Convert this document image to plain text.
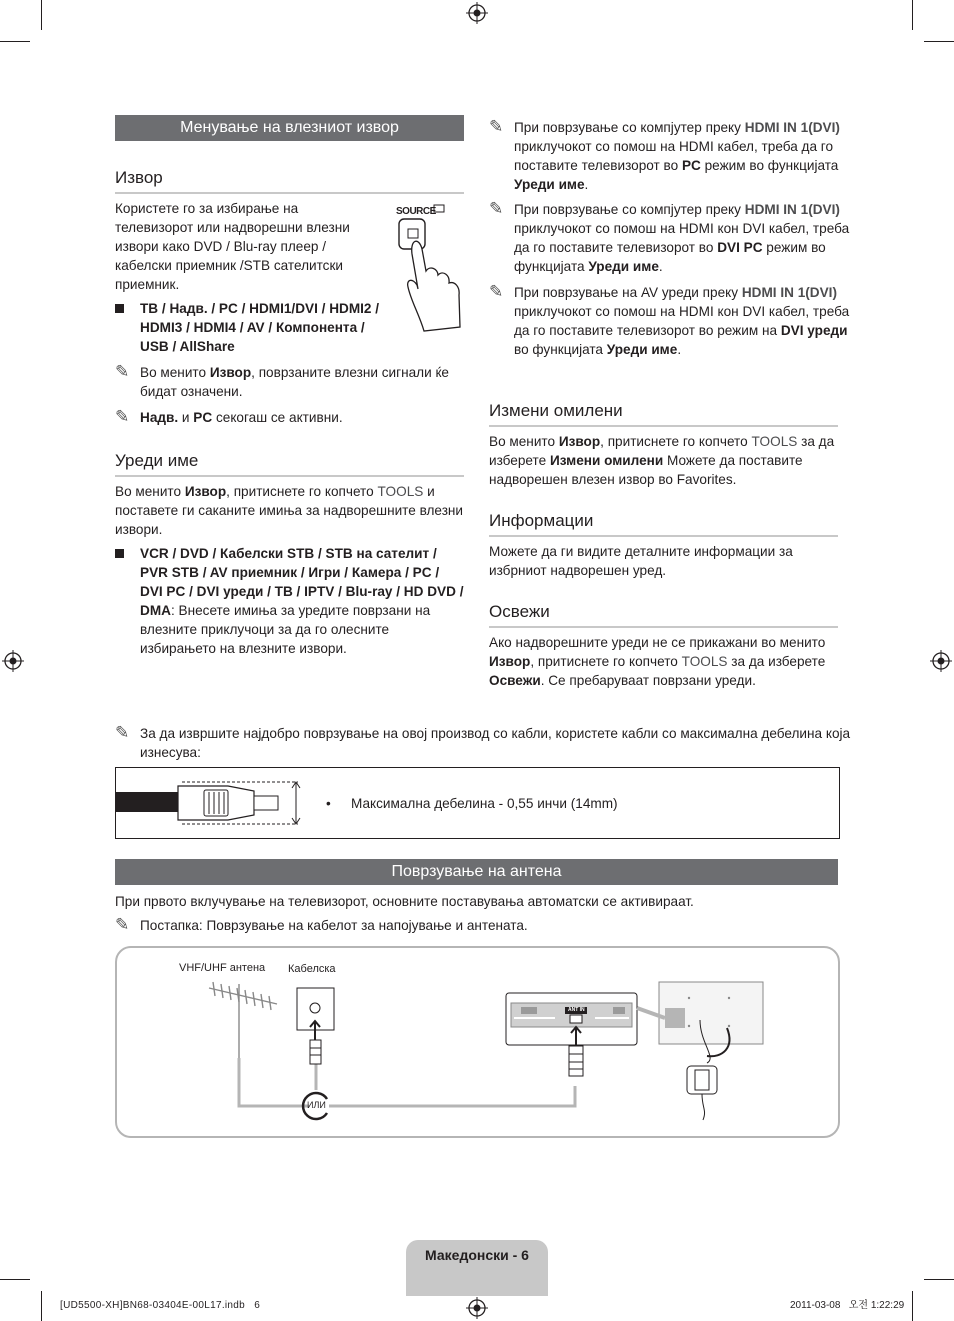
Менување на влезниот извор
Извор

Користете го за избирање на телевизорот или надворешни влезни извори како DVD / Blu-ray плеер / кабелски приемник /STB сателитски приемник.

SOURCE
ТВ / Надв. / PC / HDMI1/DVI / HDMI2 / HDMI3 / HDMI4 / AV / Компонента / USB / AllShare
✎ Во менито Извор, поврзаните влезни сигнали ќе бидат означени.
✎ Надв. и PC секогаш се активни.
Уреди име

Во менито Извор, притиснете го копчето TOOLS и поставете ги саканите имиња за надворешните влезни извори.

VCR / DVD / Кабелски STB / STB на сателит / PVR STB / AV приемник / Игри / Камера / PC / DVI PC / DVI уреди / ТВ / IPTV / Blu-ray / HD DVD / DMA: Внесете имиња за уредите поврзани на влезните приклучоци за да го олесните избирањето на влезните извори.
✎ При поврзување со компјутер преку HDMI IN 1(DVI) приклучокот со помош на HDMI кабел, треба да го поставите телевизорот во PC режим во функцијата Уреди име.
✎ При поврзување со компјутер преку HDMI IN 1(DVI) приклучокот со помош на HDMI кон DVI кабел, треба да го поставите телевизорот во DVI PC режим во функцијата Уреди име.
✎ При поврзување на AV уреди преку HDMI IN 1(DVI) приклучокот со помош на HDMI кон DVI кабел, треба да го поставите телевизорот во режим на DVI уреди во функцијата Уреди име.
Измени омилени

Во менито Извор, притиснете го копчето TOOLS за да изберете Измени омилени Можете да поставите надворешен влезен извор во Favorites.

Информации

Можете да ги видите деталните информации за избрниот надворешен уред.

Освежи

Ако надворешните уреди не се прикажани во менито Извор, притиснете го копчето TOOLS за да изберете Освежи. Се пребаруваат поврзани уреди.

✎ За да извршите најдобро поврзување на овој производ со кабли, користете кабли со максимална дебелина која изнесува:
• Максимална дебелина - 0,55 инчи (14mm)
Поврзување на антена

При првото вклучување на телевизорот, основните поставувања автоматски се активираат.

✎ Постапка: Поврзување на кабелот за напојување и антената.
VHF/UHF антена Кабелска
ИЛИ
ANT IN
Македонски - 6
[UD5500-XH]BN68-03404E-00L17.indb   6	2011-03-08   오전 1:22:29
